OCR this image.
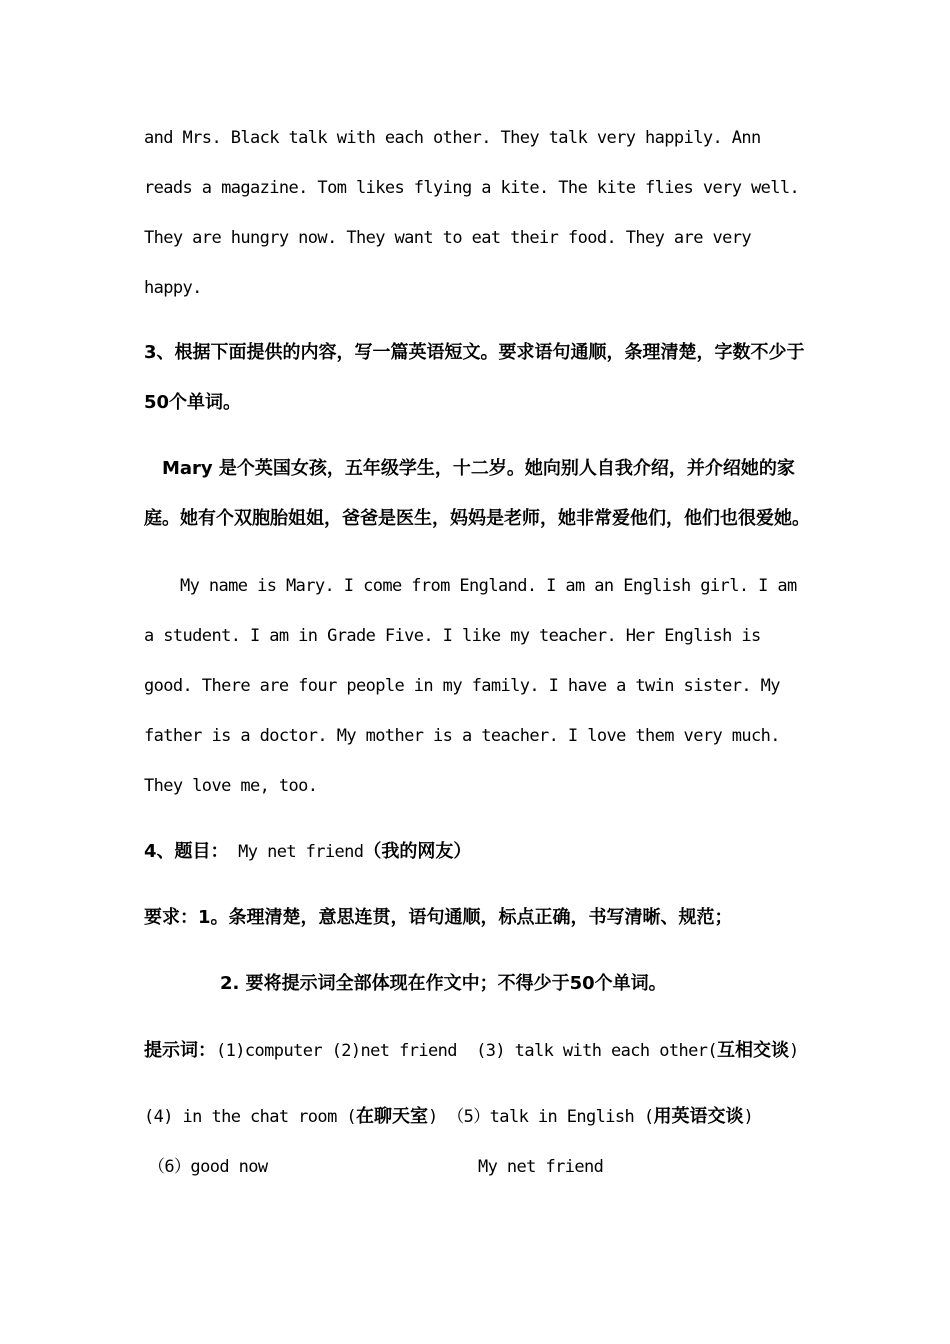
and Mrs. Black talk with each other. They talk very happily. Ann
reads a magazine. Tom likes flying a kite. The kite flies very well.
They are hungry now. They want to eat their food. They are very
happy.
3、根据下面提供的内容，写一篇英语短文。要求语句通顺，条理清楚，字数不少于
50个单词。
Mary 是个英国女孩，五年级学生，十二岁。她向别人自我介绍，并介绍她的家
庭。她有个双胞胎姐姐，爸爸是医生，妈妈是老师，她非常爱他们，他们也很爱她。
My name is Mary. I come from England. I am an English girl. I am
a student. I am in Grade Five. I like my teacher. Her English is
good. There are four people in my family. I have a twin sister. My
father is a doctor. My mother is a teacher. I love them very much.
They love me, too.
4、题目： My net friend（我的网友）
要求：1。条理清楚，意思连贯，语句通顺，标点正确，书写清晰、规范；
2. 要将提示词全部体现在作文中；不得少于50个单词。
提示词：(1)computer (2)net friend  (3) talk with each other(互相交谈)
(4) in the chat room (在聊天室) （5）talk in English (用英语交谈)
（6）good now	My net friend
